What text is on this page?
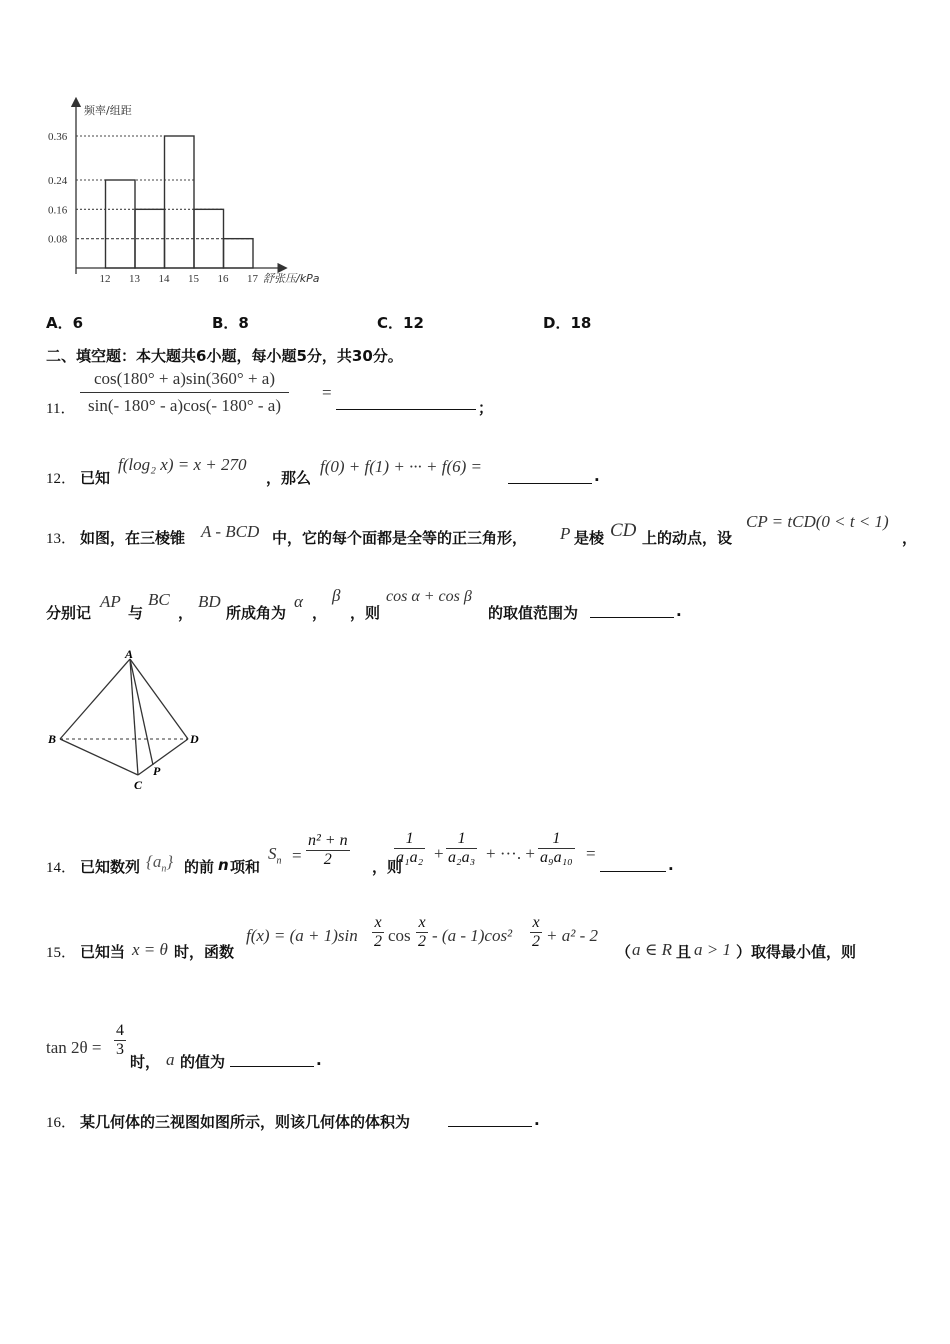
0.36
0.24
0.16
0.08
12 13 14 15 16 17
频率/组距
舒张压/kPa
A．6	B．8	C．12	D．18
二、填空题：本大题共6小题，每小题5分，共30分。
11． $\frac{\cos(180^\circ + a)\sin(360^\circ + a)}{\sin(- 180^\circ - a)\cos(- 180^\circ - a)}$ =
；
12． 已知
f(log₂ x) = x + 270
，那么
f(0) + f(1) + ··· + f(6) =	.
13． 如图，在三棱锥 A - BCD 中，它的每个面都是全等的正三角形， P 是棱 CD 上的动点，设
CP = tCD(0 < t < 1)
，
分别记
AP
与
BC
，
BD
所成角为
α
，
β
，则
cos α + cos β
的取值范围为	.
A
B	D
C
P
14． 已知数列 $\{a_n\}$ 的前 n 项和
$S_n = \frac{\text{n² + n}}{2}$ ，则
$\frac{1}{\text{a₁a₂}} + \frac{1}{\text{a₂a₃}}$ + ···. + $\frac{1}{\text{a₉a₁₀}}$ =
.
15． 已知当 x = θ 时，函数
$f(x) = (a + 1)\sin \frac{x}{2}$ $\cos \frac{x}{2} - (a - 1)\cos^2 \frac{x}{2} + a^2 - 2$
（ a ∈ R 且 a > 1 ）取得最小值，则
$\tan 2\theta = \frac{4}{3}$
时， a 的值为	.
16． 某几何体的三视图如图所示，则该几何体的体积为	.
